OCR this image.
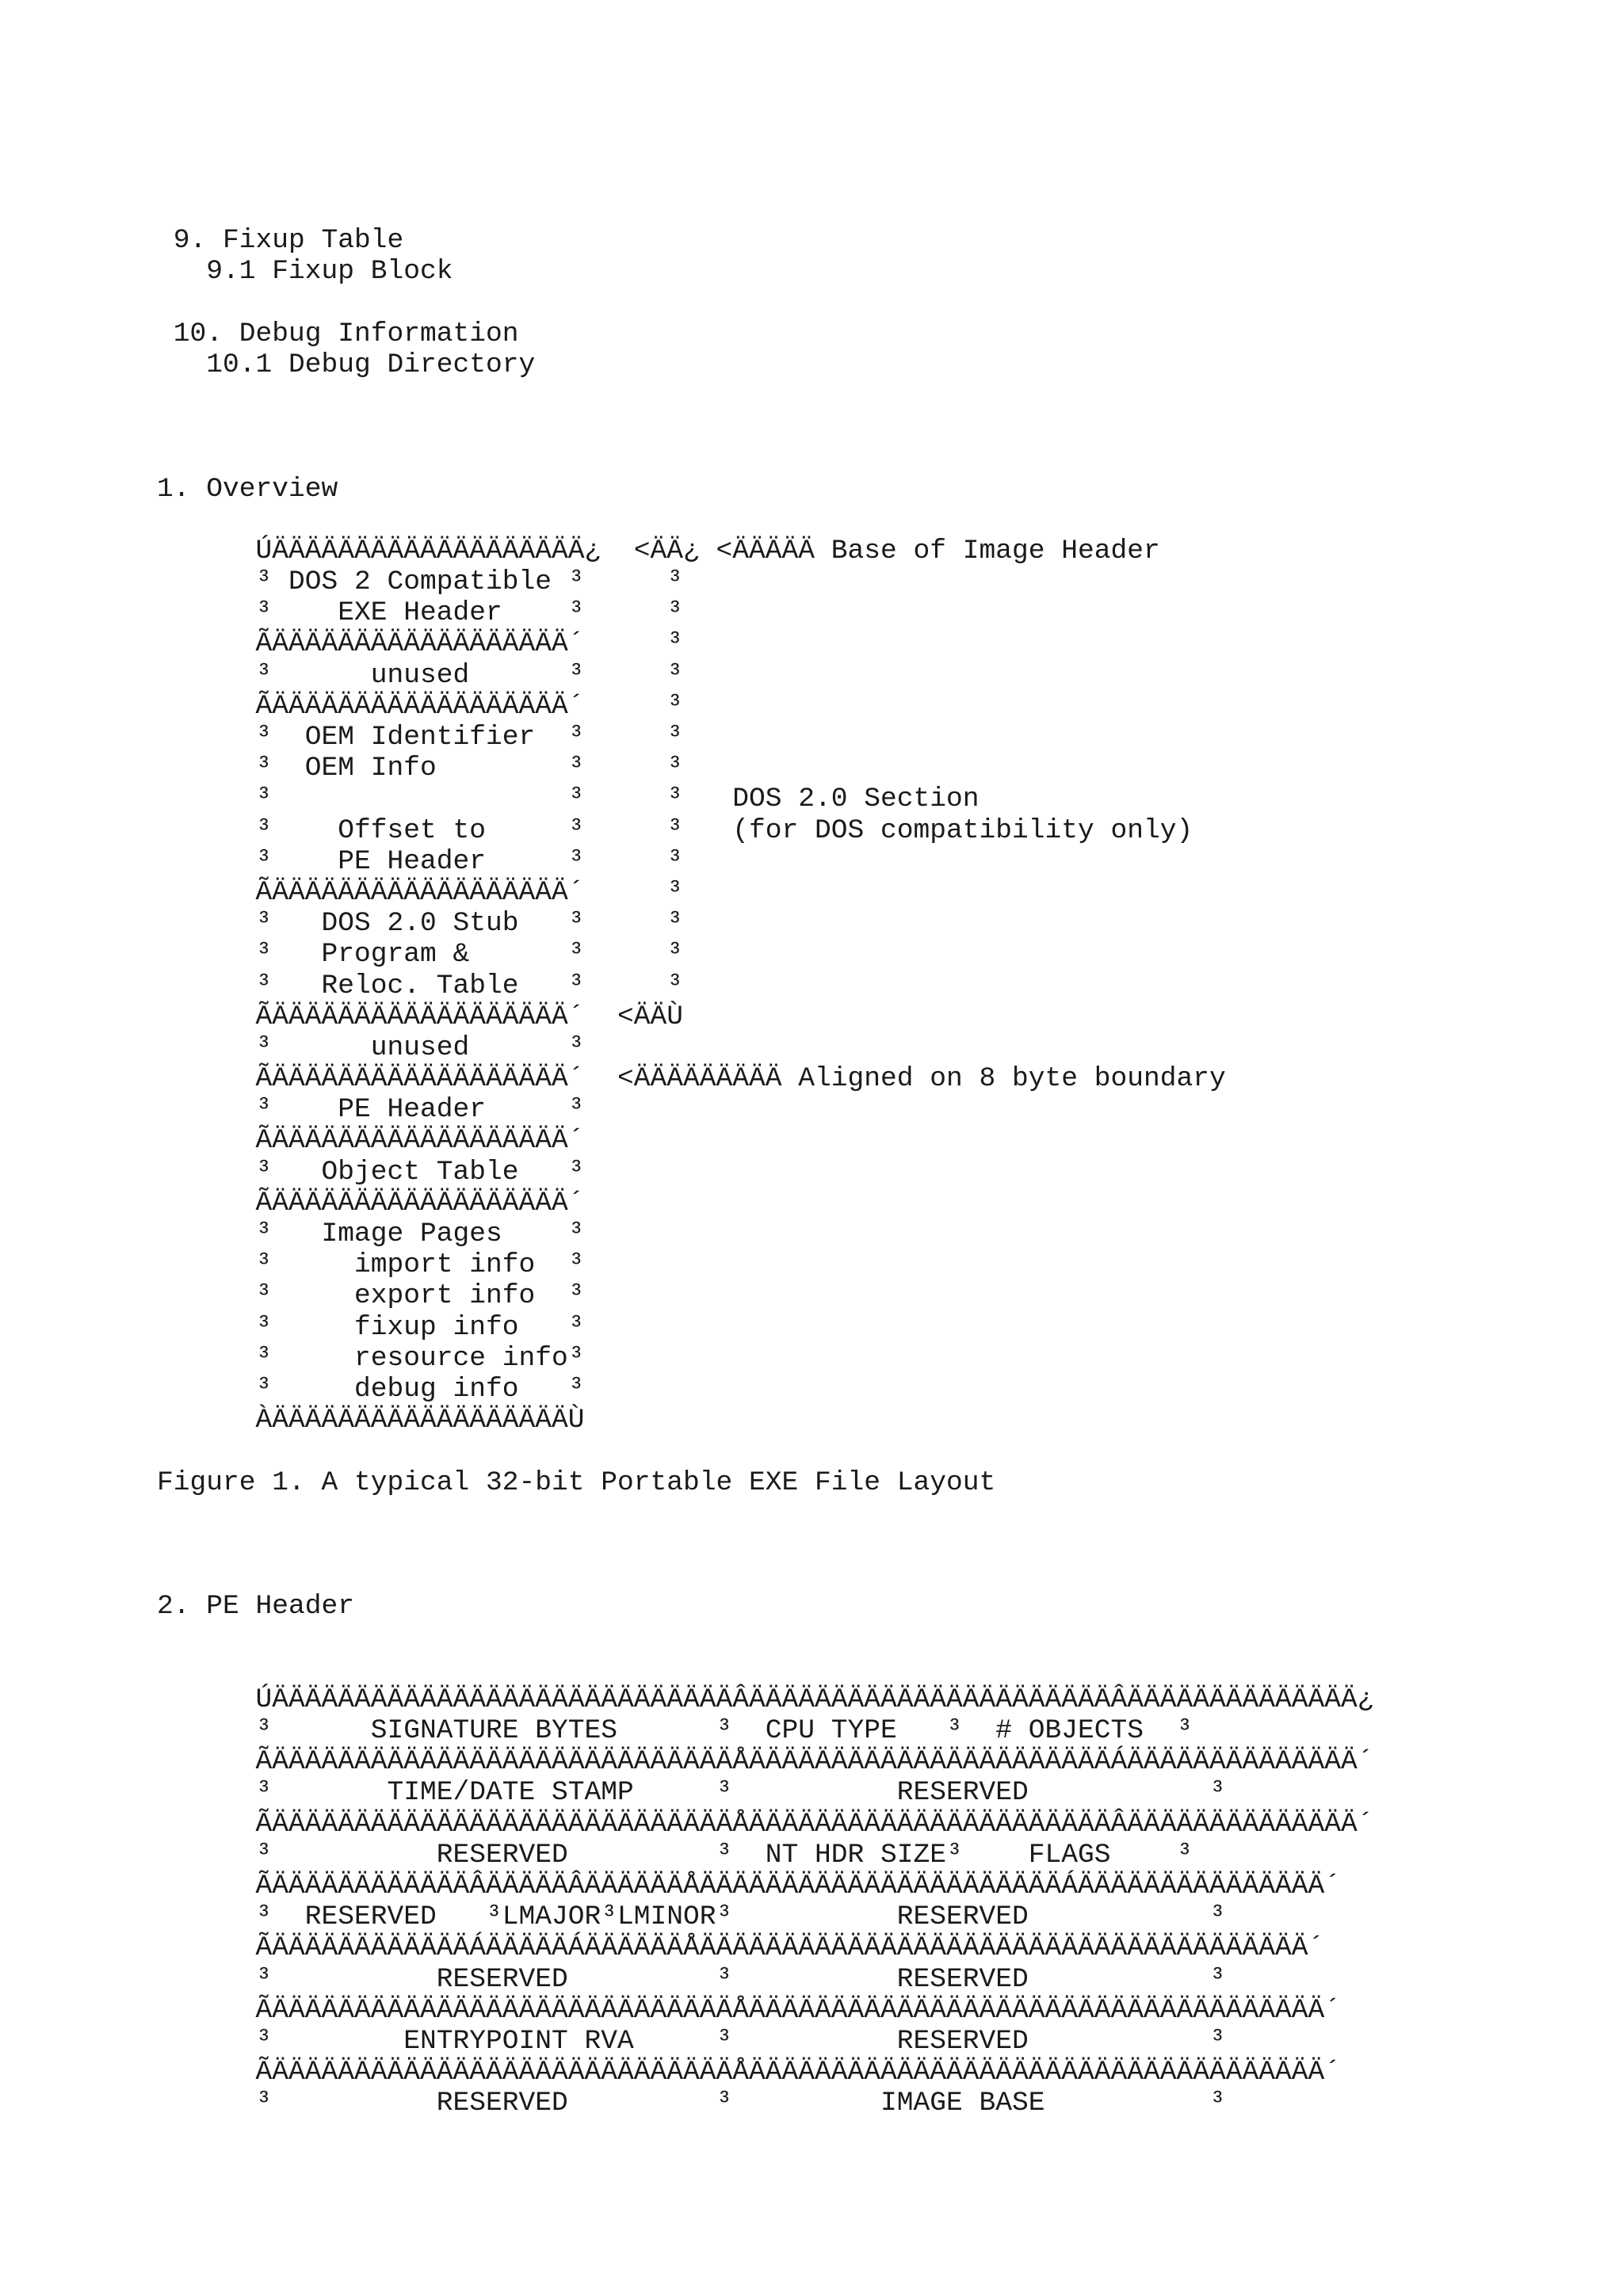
9. Fixup Table
9.1 Fixup Block
10. Debug Information
10.1 Debug Directory
1. Overview
ÚÄÄÄÄÄÄÄÄÄÄÄÄÄÄÄÄÄÄÄ¿  <ÄÄ¿ <ÄÄÄÄÄ Base of Image Header
³ DOS 2 Compatible ³     ³
³    EXE Header    ³     ³
ÃÄÄÄÄÄÄÄÄÄÄÄÄÄÄÄÄÄÄ´     ³
³      unused      ³     ³
ÃÄÄÄÄÄÄÄÄÄÄÄÄÄÄÄÄÄÄ´     ³
³  OEM Identifier  ³     ³
³  OEM Info        ³     ³
³                  ³     ³   DOS 2.0 Section
³    Offset to     ³     ³   (for DOS compatibility only)
³    PE Header     ³     ³
ÃÄÄÄÄÄÄÄÄÄÄÄÄÄÄÄÄÄÄ´     ³
³   DOS 2.0 Stub   ³     ³
³   Program &      ³     ³
³   Reloc. Table   ³     ³
ÃÄÄÄÄÄÄÄÄÄÄÄÄÄÄÄÄÄÄ´  <ÄÄÙ
³      unused      ³
ÃÄÄÄÄÄÄÄÄÄÄÄÄÄÄÄÄÄÄ´  <ÄÄÄÄÄÄÄÄÄ Aligned on 8 byte boundary
³    PE Header     ³
ÃÄÄÄÄÄÄÄÄÄÄÄÄÄÄÄÄÄÄ´
³   Object Table   ³
ÃÄÄÄÄÄÄÄÄÄÄÄÄÄÄÄÄÄÄ´
³   Image Pages    ³
³     import info  ³
³     export info  ³
³     fixup info   ³
³     resource info³
³     debug info   ³
ÀÄÄÄÄÄÄÄÄÄÄÄÄÄÄÄÄÄÄÙ
Figure 1. A typical 32-bit Portable EXE File Layout
2. PE Header
ÚÄÄÄÄÄÄÄÄÄÄÄÄÄÄÄÄÄÄÄÄÄÄÄÄÄÄÄÄÂÄÄÄÄÄÄÄÄÄÄÄÄÄÄÄÄÄÄÄÄÄÄÂÄÄÄÄÄÄÄÄÄÄÄÄÄÄ¿
³      SIGNATURE BYTES      ³  CPU TYPE   ³  # OBJECTS  ³
ÃÄÄÄÄÄÄÄÄÄÄÄÄÄÄÄÄÄÄÄÄÄÄÄÄÄÄÄÄÅÄÄÄÄÄÄÄÄÄÄÄÄÄÄÄÄÄÄÄÄÄÄÁÄÄÄÄÄÄÄÄÄÄÄÄÄÄ´
³       TIME/DATE STAMP     ³          RESERVED           ³
ÃÄÄÄÄÄÄÄÄÄÄÄÄÄÄÄÄÄÄÄÄÄÄÄÄÄÄÄÄÅÄÄÄÄÄÄÄÄÄÄÄÄÄÄÄÄÄÄÄÄÄÄÂÄÄÄÄÄÄÄÄÄÄÄÄÄÄ´
³          RESERVED         ³  NT HDR SIZE³    FLAGS    ³
ÃÄÄÄÄÄÄÄÄÄÄÄÄÂÄÄÄÄÄÂÄÄÄÄÄÄÅÄÄÄÄÄÄÄÄÄÄÄÄÄÄÄÄÄÄÄÄÄÄÁÄÄÄÄÄÄÄÄÄÄÄÄÄÄÄ´
³  RESERVED   ³LMAJOR³LMINOR³          RESERVED           ³
ÃÄÄÄÄÄÄÄÄÄÄÄÄÁÄÄÄÄÄÁÄÄÄÄÄÄÅÄÄÄÄÄÄÄÄÄÄÄÄÄÄÄÄÄÄÄÄÄÄÄÄÄÄÄÄÄÄÄÄÄÄÄÄÄ´
³          RESERVED         ³          RESERVED           ³
ÃÄÄÄÄÄÄÄÄÄÄÄÄÄÄÄÄÄÄÄÄÄÄÄÄÄÄÄÄÅÄÄÄÄÄÄÄÄÄÄÄÄÄÄÄÄÄÄÄÄÄÄÄÄÄÄÄÄÄÄÄÄÄÄÄ´
³        ENTRYPOINT RVA     ³          RESERVED           ³
ÃÄÄÄÄÄÄÄÄÄÄÄÄÄÄÄÄÄÄÄÄÄÄÄÄÄÄÄÄÅÄÄÄÄÄÄÄÄÄÄÄÄÄÄÄÄÄÄÄÄÄÄÄÄÄÄÄÄÄÄÄÄÄÄÄ´
³          RESERVED         ³         IMAGE BASE          ³
